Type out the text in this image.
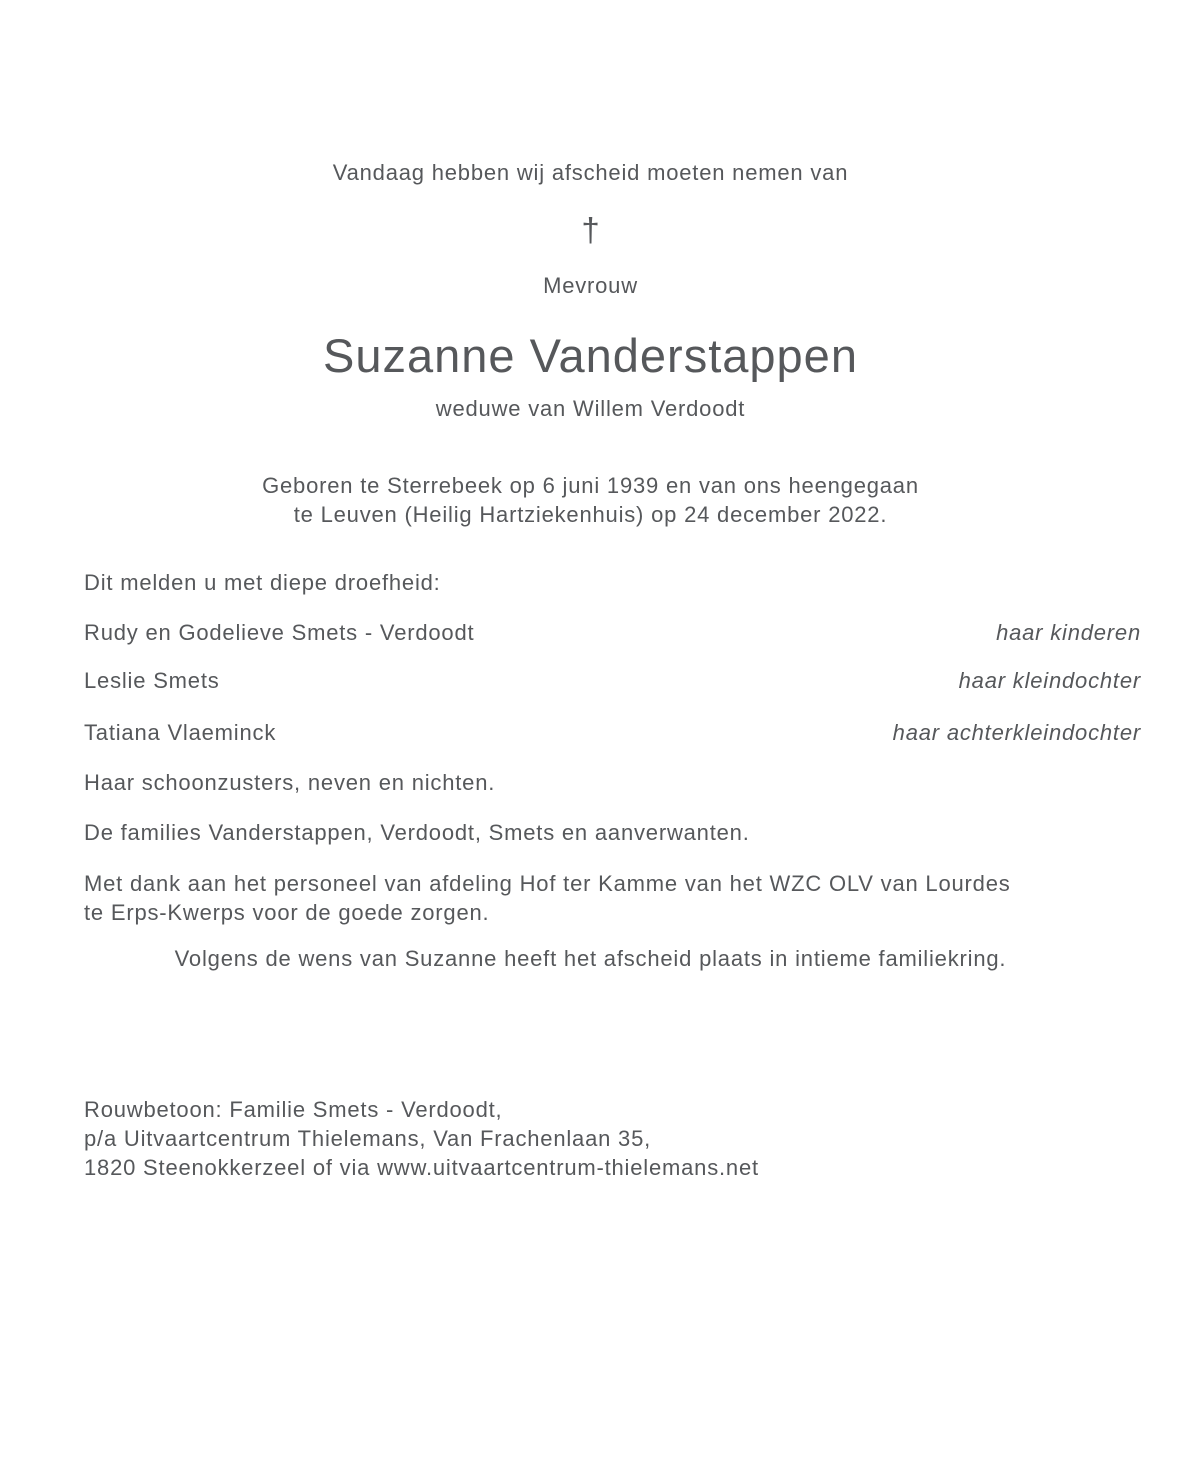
Vandaag hebben wij afscheid moeten nemen van
†
Mevrouw
Suzanne Vanderstappen
weduwe van Willem Verdoodt
Geboren te Sterrebeek op 6 juni 1939 en van ons heengegaan
te Leuven (Heilig Hartziekenhuis) op 24 december 2022.
Dit melden u met diepe droefheid:
Rudy en Godelieve Smets - Verdoodt	haar kinderen
Leslie Smets	haar kleindochter
Tatiana Vlaeminck	haar achterkleindochter
Haar schoonzusters, neven en nichten.
De families Vanderstappen, Verdoodt, Smets en aanverwanten.
Met dank aan het personeel van afdeling Hof ter Kamme van het WZC OLV van Lourdes
te Erps-Kwerps voor de goede zorgen.
Volgens de wens van Suzanne heeft het afscheid plaats in intieme familiekring.
Rouwbetoon: Familie Smets - Verdoodt,
p/a Uitvaartcentrum Thielemans, Van Frachenlaan 35,
1820 Steenokkerzeel of via www.uitvaartcentrum-thielemans.net
